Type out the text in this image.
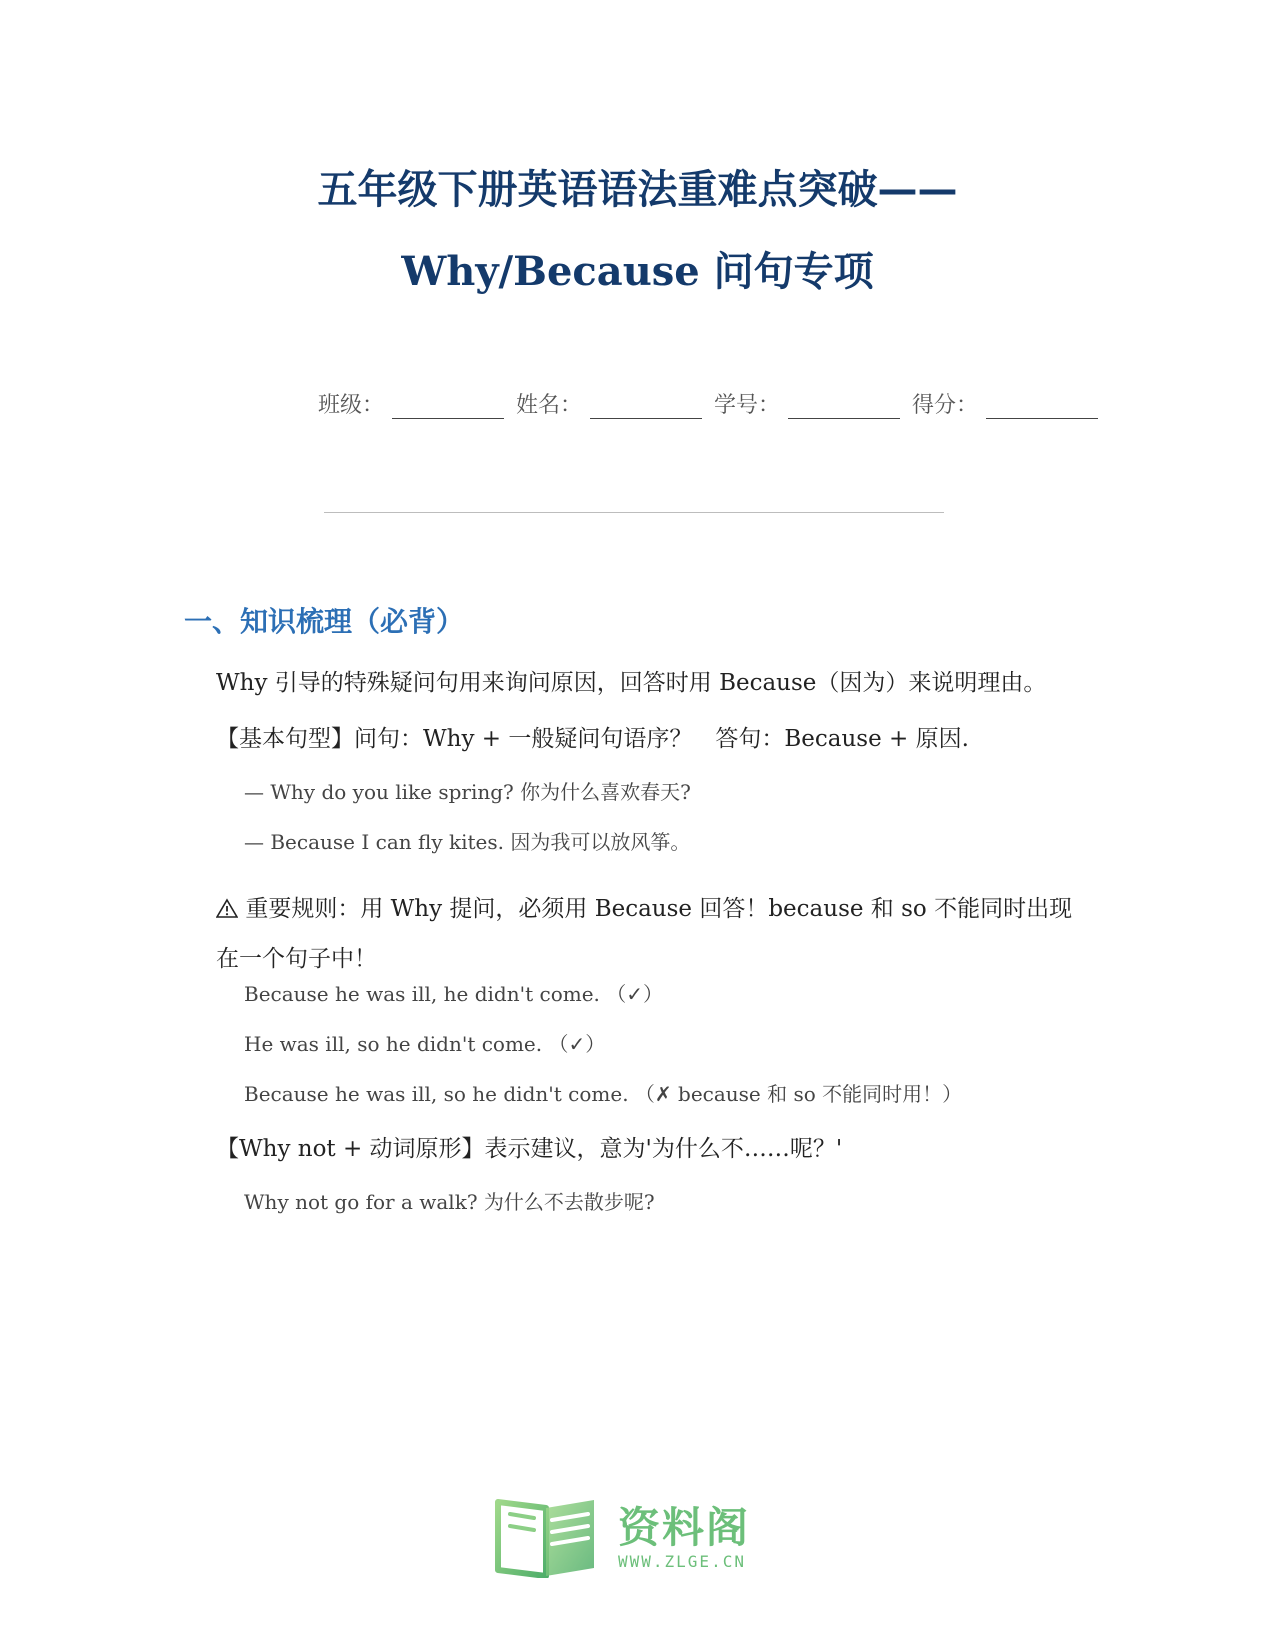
五年级下册英语语法重难点突破——
Why/Because 问句专项
班级：	姓名：	学号：	得分：
一、知识梳理（必背）

Why 引导的特殊疑问句用来询问原因，回答时用 Because（因为）来说明理由。

【基本句型】问句：Why + 一般疑问句语序？　答句：Because + 原因.

— Why do you like spring? 你为什么喜欢春天?

— Because I can fly kites. 因为我可以放风筝。

重要规则：用 Why 提问，必须用 Because 回答！because 和 so 不能同时出现在一个句子中！

Because he was ill, he didn't come. （✓）

He was ill, so he didn't come. （✓）

Because he was ill, so he didn't come. （✗ because 和 so 不能同时用！）

【Why not + 动词原形】表示建议，意为'为什么不……呢？'

Why not go for a walk? 为什么不去散步呢?

资料阁
WWW.ZLGE.CN
